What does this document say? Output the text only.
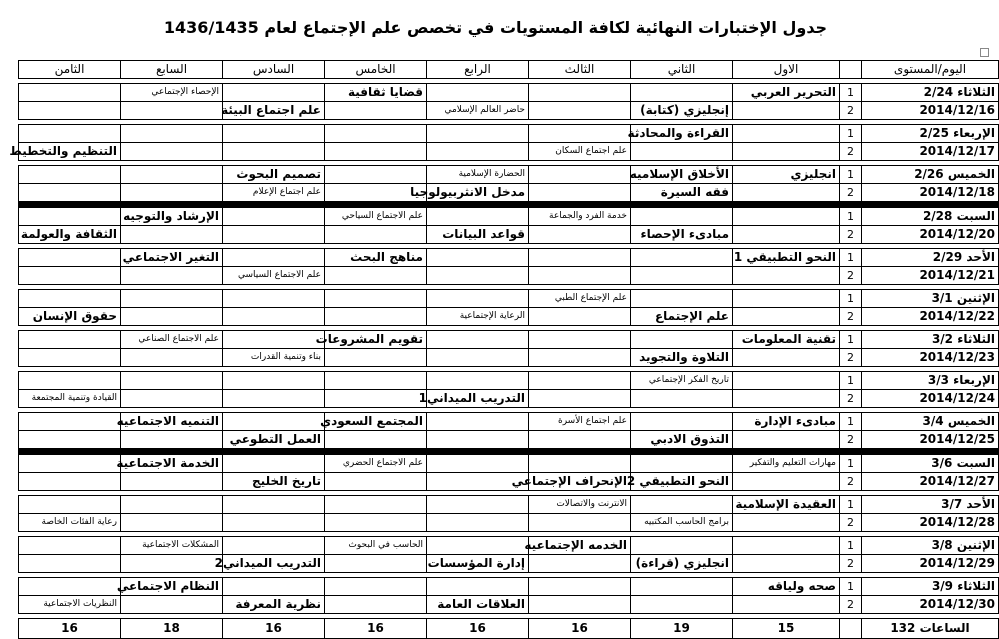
جدول الإختبارات النهائية لكافة المستويات في تخصص علم الإجتماع لعام 1436/1435
اليوم/المستوى		الاول	الثاني	الثالث	الرابع	الخامس	السادس	السابع	الثامن

الثلاثاء 2/24	1	التحرير العربي				قضايا ثقافية		الإحصاء الإجتماعي	
2014/12/16	2		إنجليزي (كتابة)		حاضر العالم الإسلامي		علم اجتماع البيئة		

الإربعاء 2/25	1		القراءة والمحادثة						
2014/12/17	2			علم اجتماع السكان					التنظيم والتخطيط

الخميس 2/26	1	انجليزي	الأخلاق الإسلاميه		الحضارة الإسلامية		تصميم البحوث		
2014/12/18	2		فقه السيرة		مدخل الانثربيولوجيا		علم اجتماع الإعلام		

السبت 2/28	1			خدمة الفرد والجماعة		علم الاجتماع السياحي		الإرشاد والتوجيه	
2014/12/20	2		مبادىء الإحصاء		قواعد البيانات				الثقافة والعولمة

الأحد 2/29	1	النحو التطبيقي 1				مناهج البحث		التغير الاجتماعي	
2014/12/21	2						علم الاجتماع السياسي		

الإثنين 3/1	1			علم الإجتماع الطبي					
2014/12/22	2		علم الإجتماع		الرعاية الإجتماعية				حقوق الإنسان

الثلاثاء 3/2	1	تقنية المعلومات				تقويم المشروعات		علم الاجتماع الصناعي	
2014/12/23	2		التلاوة والتجويد				بناء وتنمية القدرات		

الإربعاء 3/3	1		تاريخ الفكر الإجتماعي						
2014/12/24	2				التدريب الميداني1				القيادة وتنمية المجتمعة

الخميس 3/4	1	مبادىء الإدارة		علم اجتماع الأسرة		المجتمع السعودي		التنميه الاجتماعيه	
2014/12/25	2		التذوق الادبي				العمل التطوعي		

السبت 3/6	1	مهارات التعليم والتفكير				علم الاجتماع الحضري		الخدمة الاجتماعية	
2014/12/27	2		النحو التطبيقي 2	الإنحراف الإجتماعي			تاريخ الخليج		

الأحد 3/7	1	العقيدة الإسلامية		الانترنت والاتصالات					
2014/12/28	2		برامج الحاسب المكتبيه						رعاية الفئات الخاصة

الإثنين 3/8	1			الخدمه الإجتماعيه		الحاسب في البحوث		المشكلات الاجتماعية	
2014/12/29	2		انجليزي (قراءة)		إدارة المؤسسات		التدريب الميداني2		

الثلاثاء 3/9	1	صحه ولياقه						النظام الاجتماعي	
2014/12/30	2				العلاقات العامة		نظرية المعرفة		النظريات الاجتماعية

الساعات 132		15	19	16	16	16	16	18	16
